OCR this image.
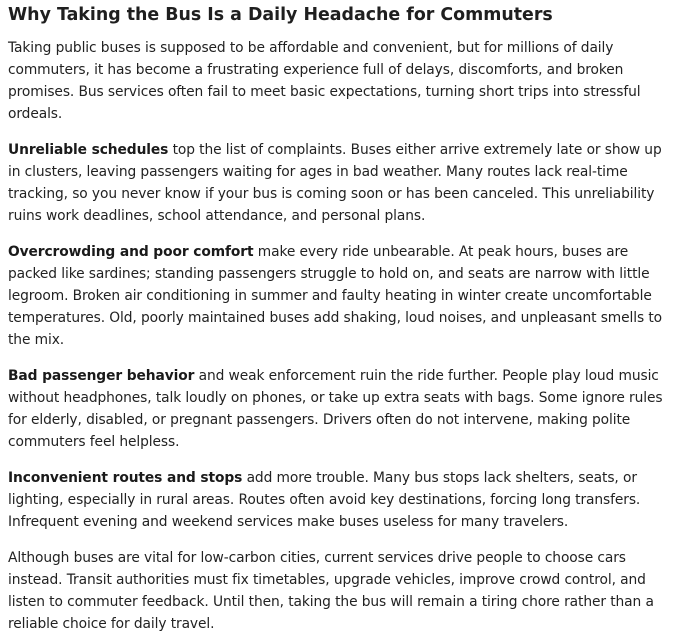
Why Taking the Bus Is a Daily Headache for Commuters

Taking public buses is supposed to be affordable and convenient, but for millions of daily commuters, it has become a frustrating experience full of delays, discomforts, and broken promises. Bus services often fail to meet basic expectations, turning short trips into stressful ordeals.

Unreliable schedules top the list of complaints. Buses either arrive extremely late or show up in clusters, leaving passengers waiting for ages in bad weather. Many routes lack real-time tracking, so you never know if your bus is coming soon or has been canceled. This unreliability ruins work deadlines, school attendance, and personal plans.

Overcrowding and poor comfort make every ride unbearable. At peak hours, buses are packed like sardines; standing passengers struggle to hold on, and seats are narrow with little legroom. Broken air conditioning in summer and faulty heating in winter create uncomfortable temperatures. Old, poorly maintained buses add shaking, loud noises, and unpleasant smells to the mix.

Bad passenger behavior and weak enforcement ruin the ride further. People play loud music without headphones, talk loudly on phones, or take up extra seats with bags. Some ignore rules for elderly, disabled, or pregnant passengers. Drivers often do not intervene, making polite commuters feel helpless.

Inconvenient routes and stops add more trouble. Many bus stops lack shelters, seats, or lighting, especially in rural areas. Routes often avoid key destinations, forcing long transfers. Infrequent evening and weekend services make buses useless for many travelers.

Although buses are vital for low-carbon cities, current services drive people to choose cars instead. Transit authorities must fix timetables, upgrade vehicles, improve crowd control, and listen to commuter feedback. Until then, taking the bus will remain a tiring chore rather than a reliable choice for daily travel.
